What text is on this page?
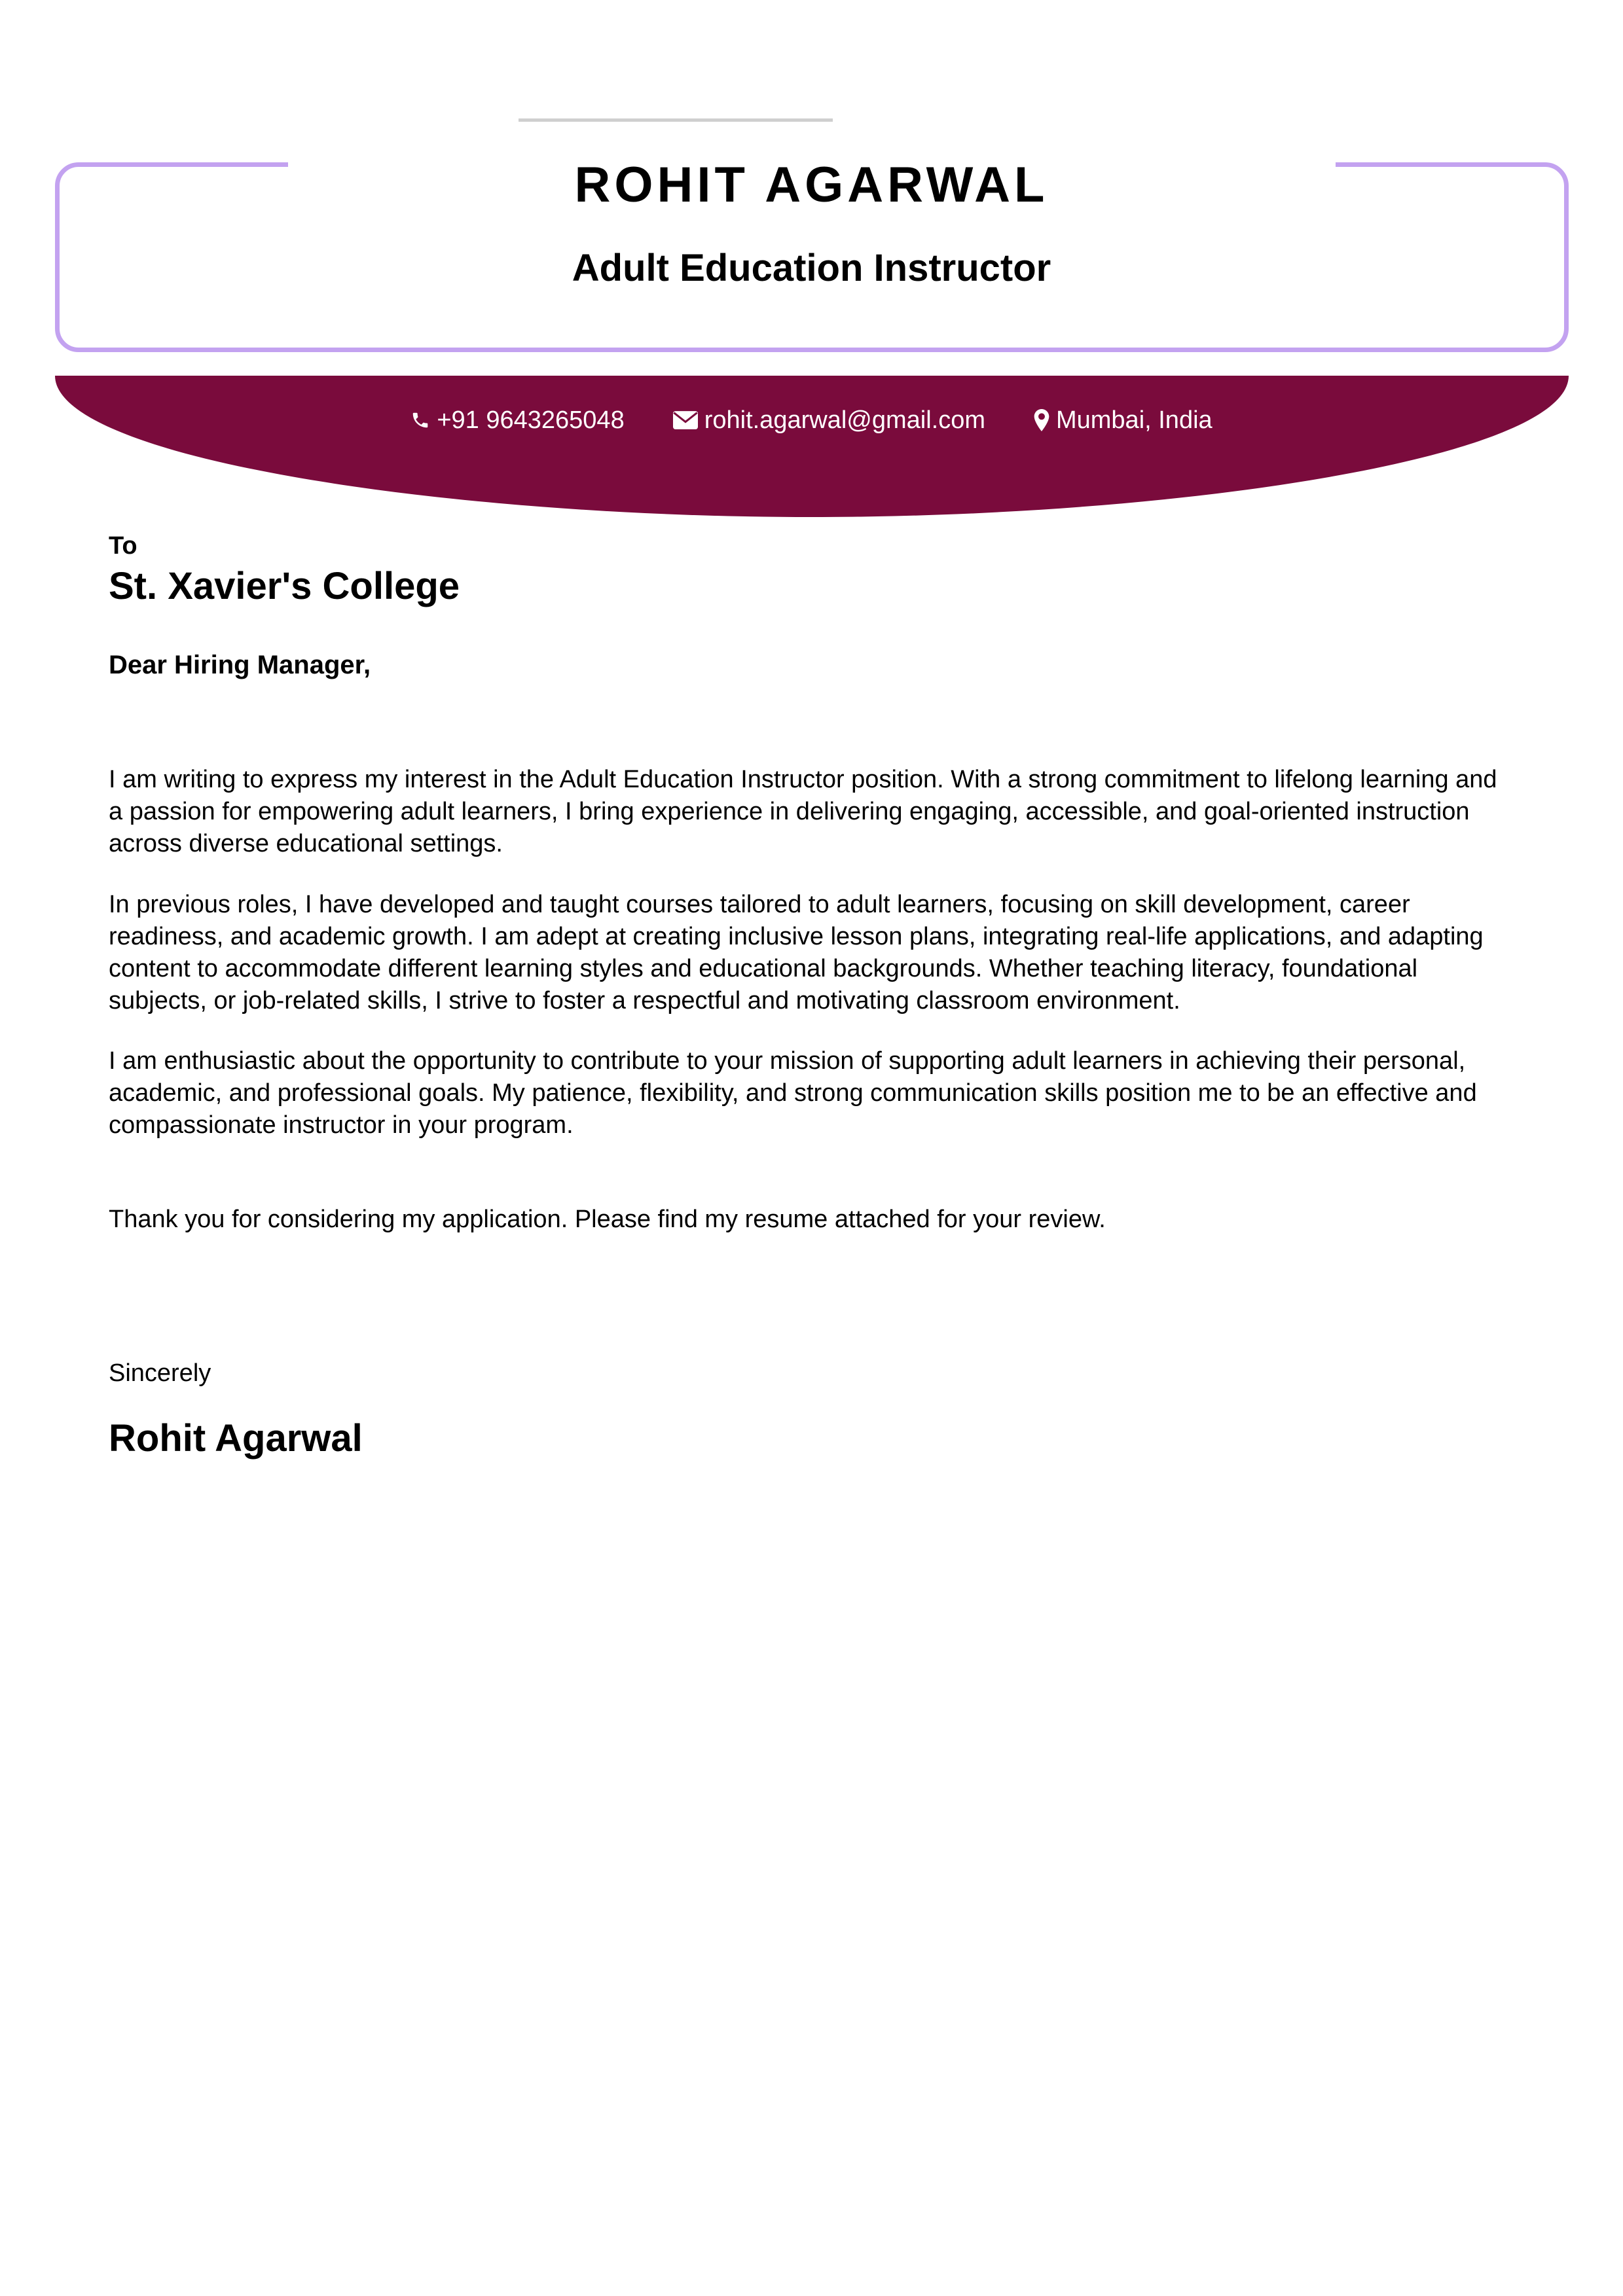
ROHIT AGARWAL
Adult Education Instructor
+91 9643265048	rohit.agarwal@gmail.com	Mumbai, India
To
St. Xavier's College
Dear Hiring Manager,

I am writing to express my interest in the Adult Education Instructor position. With a strong commitment to lifelong learning and a passion for empowering adult learners, I bring experience in delivering engaging, accessible, and goal-oriented instruction across diverse educational settings.

In previous roles, I have developed and taught courses tailored to adult learners, focusing on skill development, career readiness, and academic growth. I am adept at creating inclusive lesson plans, integrating real-life applications, and adapting content to accommodate different learning styles and educational backgrounds. Whether teaching literacy, foundational subjects, or job-related skills, I strive to foster a respectful and motivating classroom environment.

I am enthusiastic about the opportunity to contribute to your mission of supporting adult learners in achieving their personal, academic, and professional goals. My patience, flexibility, and strong communication skills position me to be an effective and compassionate instructor in your program.

Thank you for considering my application. Please find my resume attached for your review.

Sincerely
Rohit Agarwal
